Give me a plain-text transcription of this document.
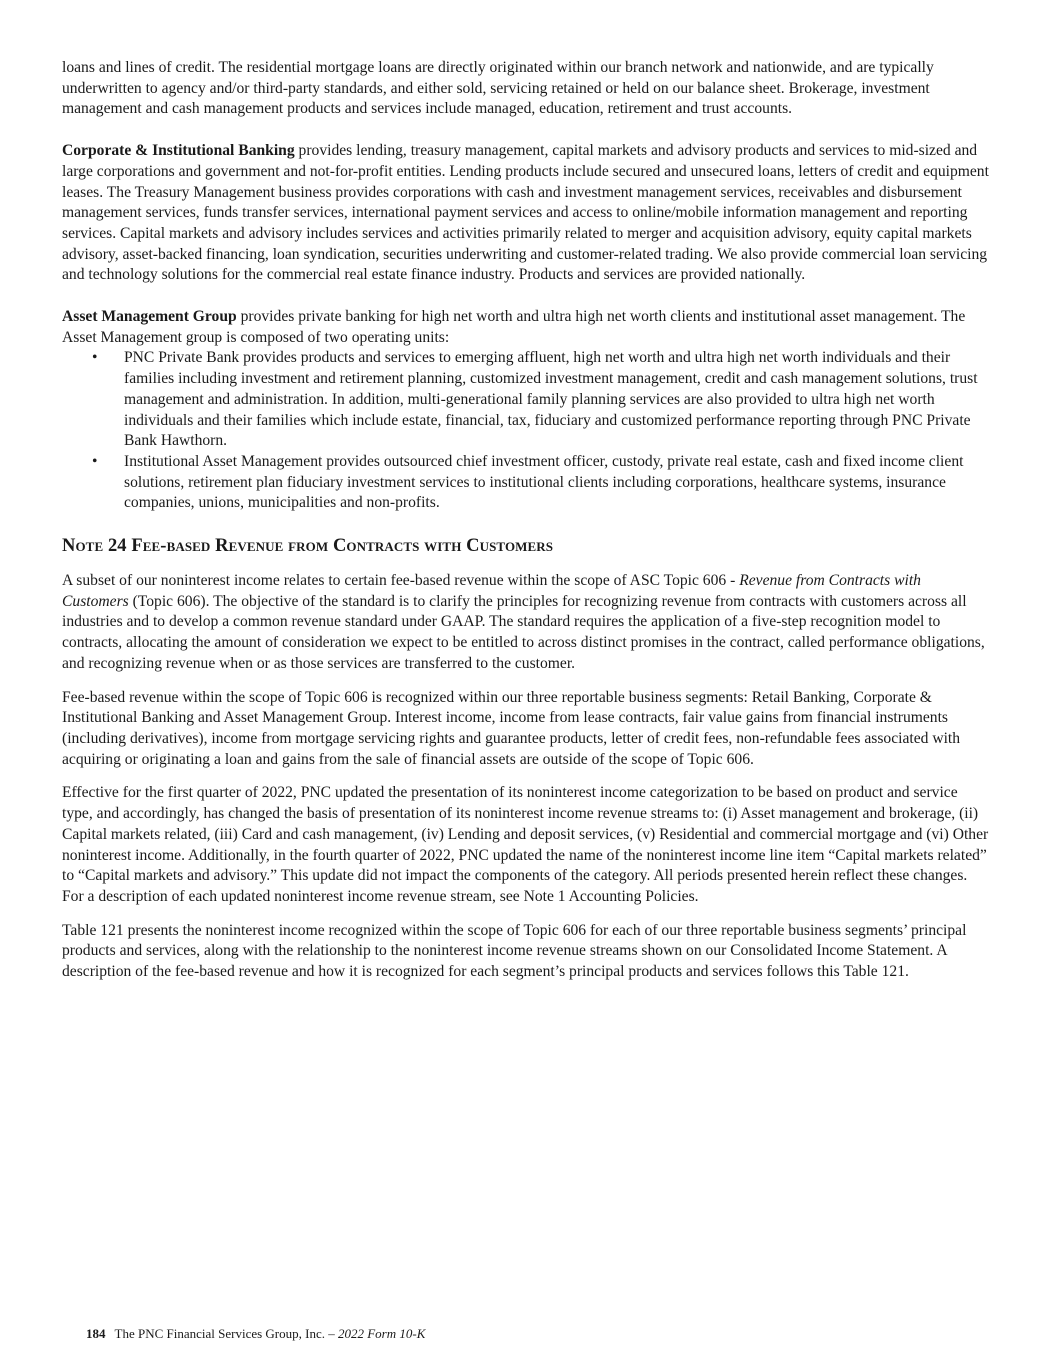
loans and lines of credit. The residential mortgage loans are directly originated within our branch network and nationwide, and are typically underwritten to agency and/or third-party standards, and either sold, servicing retained or held on our balance sheet. Brokerage, investment management and cash management products and services include managed, education, retirement and trust accounts.

Corporate & Institutional Banking provides lending, treasury management, capital markets and advisory products and services to mid-sized and large corporations and government and not-for-profit entities. Lending products include secured and unsecured loans, letters of credit and equipment leases. The Treasury Management business provides corporations with cash and investment management services, receivables and disbursement management services, funds transfer services, international payment services and access to online/mobile information management and reporting services. Capital markets and advisory includes services and activities primarily related to merger and acquisition advisory, equity capital markets advisory, asset-backed financing, loan syndication, securities underwriting and customer-related trading. We also provide commercial loan servicing and technology solutions for the commercial real estate finance industry. Products and services are provided nationally.

Asset Management Group provides private banking for high net worth and ultra high net worth clients and institutional asset management. The Asset Management group is composed of two operating units:

• PNC Private Bank provides products and services to emerging affluent, high net worth and ultra high net worth individuals and their families including investment and retirement planning, customized investment management, credit and cash management solutions, trust management and administration. In addition, multi-generational family planning services are also provided to ultra high net worth individuals and their families which include estate, financial, tax, fiduciary and customized performance reporting through PNC Private Bank Hawthorn.
• Institutional Asset Management provides outsourced chief investment officer, custody, private real estate, cash and fixed income client solutions, retirement plan fiduciary investment services to institutional clients including corporations, healthcare systems, insurance companies, unions, municipalities and non-profits.
Note 24 Fee-based Revenue from Contracts with Customers

A subset of our noninterest income relates to certain fee-based revenue within the scope of ASC Topic 606 - Revenue from Contracts with Customers (Topic 606). The objective of the standard is to clarify the principles for recognizing revenue from contracts with customers across all industries and to develop a common revenue standard under GAAP. The standard requires the application of a five-step recognition model to contracts, allocating the amount of consideration we expect to be entitled to across distinct promises in the contract, called performance obligations, and recognizing revenue when or as those services are transferred to the customer.

Fee-based revenue within the scope of Topic 606 is recognized within our three reportable business segments: Retail Banking, Corporate & Institutional Banking and Asset Management Group. Interest income, income from lease contracts, fair value gains from financial instruments (including derivatives), income from mortgage servicing rights and guarantee products, letter of credit fees, non-refundable fees associated with acquiring or originating a loan and gains from the sale of financial assets are outside of the scope of Topic 606.

Effective for the first quarter of 2022, PNC updated the presentation of its noninterest income categorization to be based on product and service type, and accordingly, has changed the basis of presentation of its noninterest income revenue streams to: (i) Asset management and brokerage, (ii) Capital markets related, (iii) Card and cash management, (iv) Lending and deposit services, (v) Residential and commercial mortgage and (vi) Other noninterest income. Additionally, in the fourth quarter of 2022, PNC updated the name of the noninterest income line item “Capital markets related” to “Capital markets and advisory.” This update did not impact the components of the category. All periods presented herein reflect these changes. For a description of each updated noninterest income revenue stream, see Note 1 Accounting Policies.

Table 121 presents the noninterest income recognized within the scope of Topic 606 for each of our three reportable business segments’ principal products and services, along with the relationship to the noninterest income revenue streams shown on our Consolidated Income Statement. A description of the fee-based revenue and how it is recognized for each segment’s principal products and services follows this Table 121.

184 The PNC Financial Services Group, Inc. – 2022 Form 10-K
